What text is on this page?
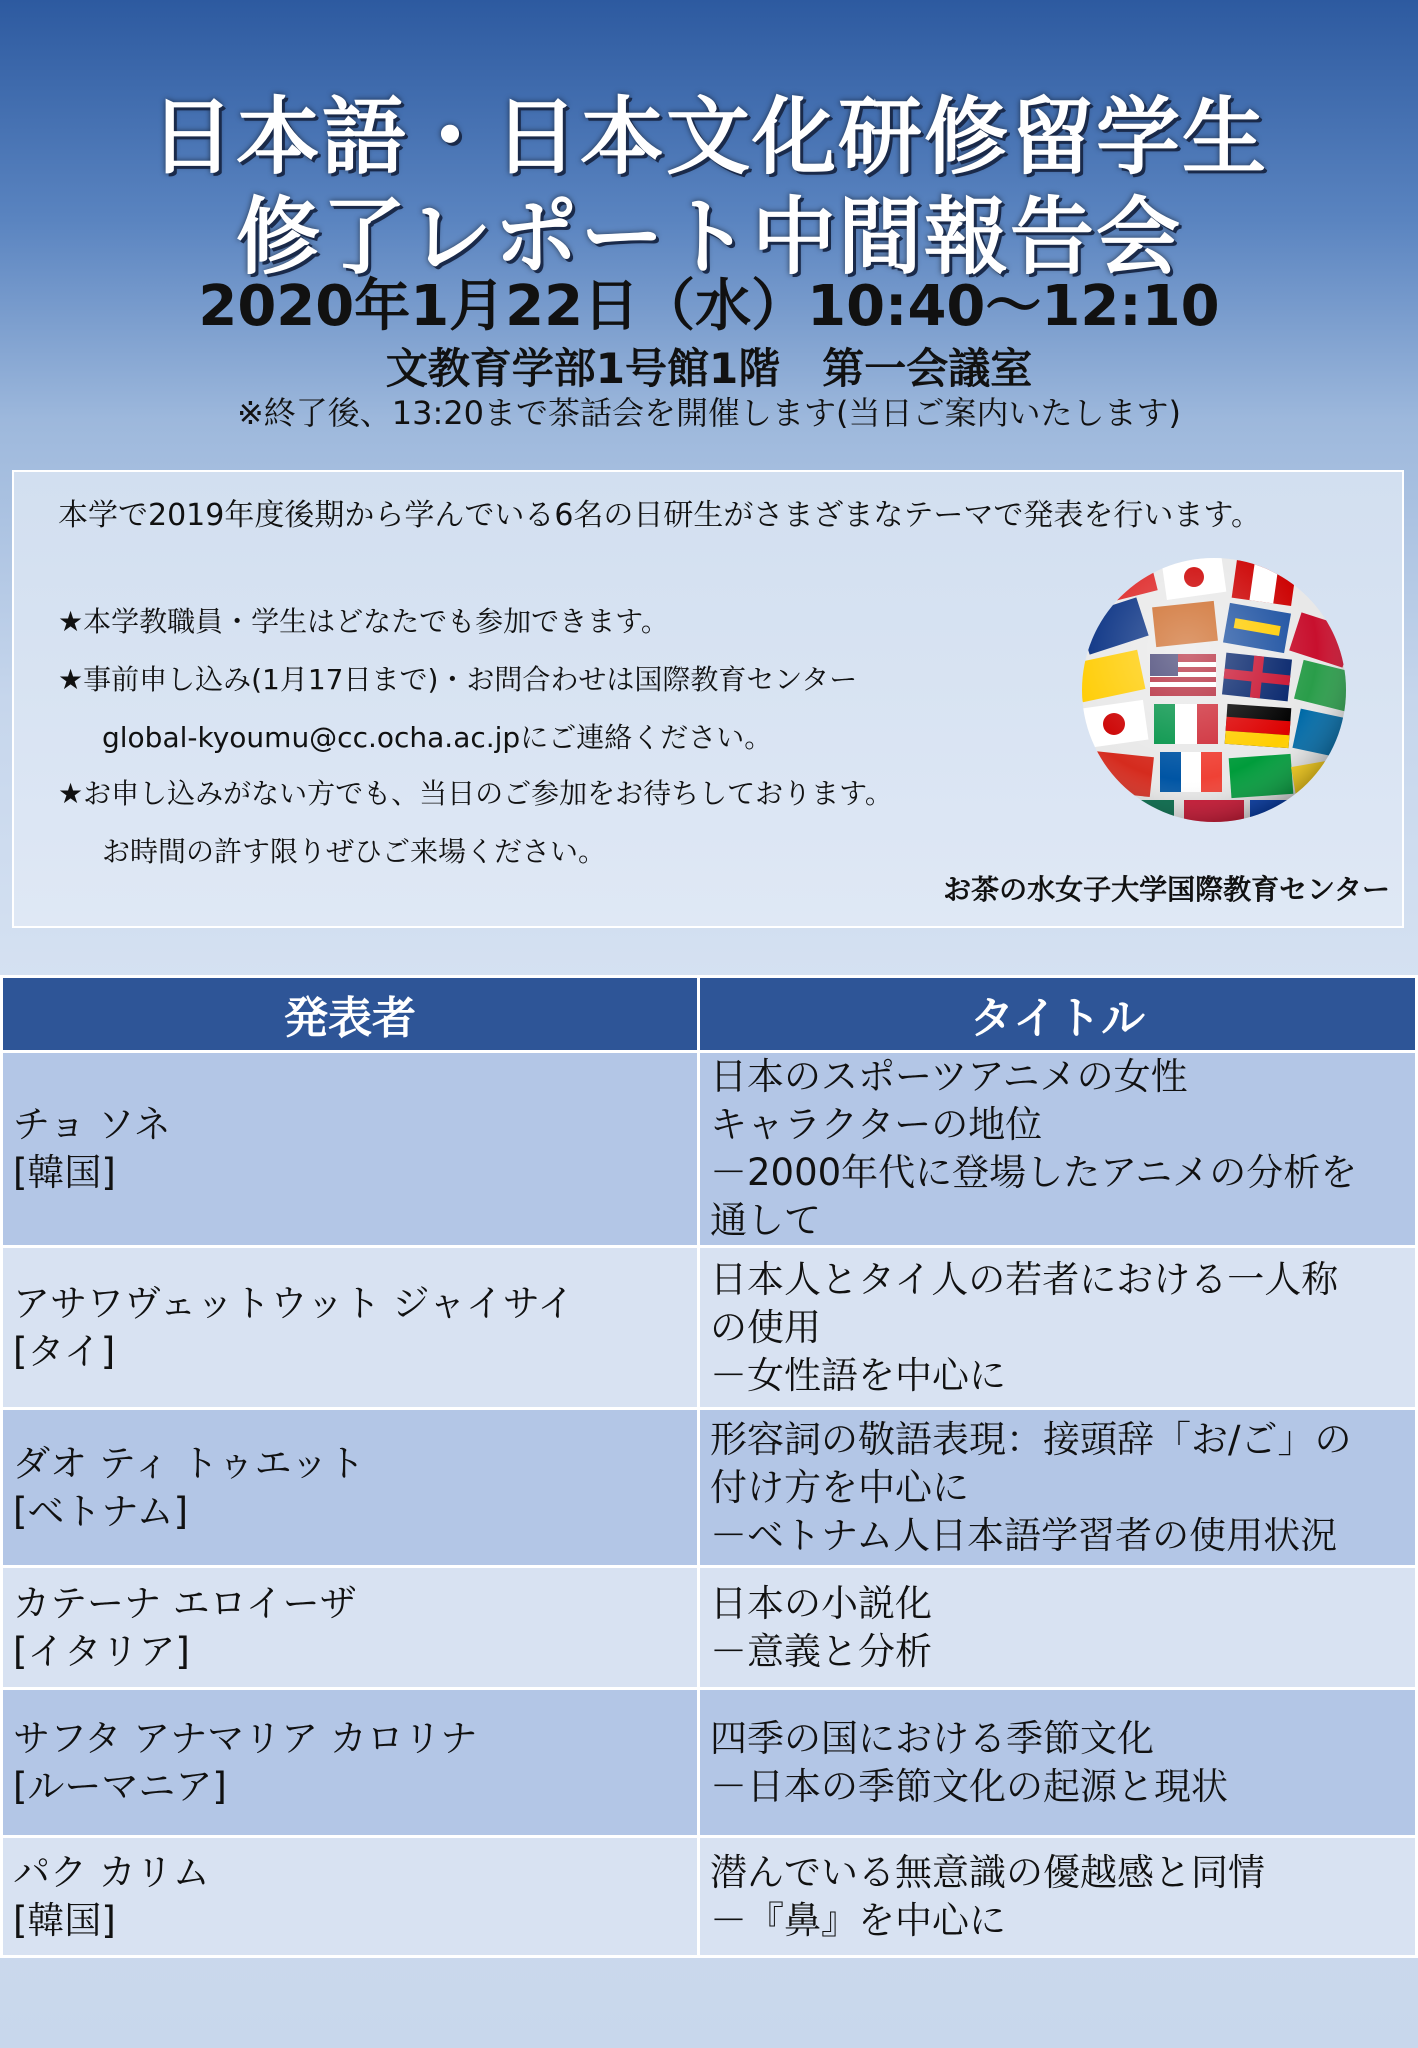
日本語・日本文化研修留学生
修了レポート中間報告会
2020年1月22日（水）10:40～12:10
文教育学部1号館1階　第一会議室
※終了後、13:20まで茶話会を開催します(当日ご案内いたします)
本学で2019年度後期から学んでいる6名の日研生がさまざまなテーマで発表を行います。
★本学教職員・学生はどなたでも参加できます。
★事前申し込み(1月17日まで)・お問合わせは国際教育センター
global-kyoumu@cc.ocha.ac.jpにご連絡ください。
★お申し込みがない方でも、当日のご参加をお待ちしております。
お時間の許す限りぜひご来場ください。
お茶の水女子大学国際教育センター
発表者	タイトル

チョ ソネ
[韓国]	日本のスポーツアニメの女性
キャラクターの地位
－2000年代に登場したアニメの分析を
通して

アサワヴェットウット ジャイサイ
[タイ]	日本人とタイ人の若者における一人称
の使用
－女性語を中心に

ダオ ティ トゥエット
[ベトナム]	形容詞の敬語表現：接頭辞「お/ご」の
付け方を中心に
－ベトナム人日本語学習者の使用状況

カテーナ エロイーザ
[イタリア]	日本の小説化
－意義と分析

サフタ アナマリア カロリナ
[ルーマニア]	四季の国における季節文化
－日本の季節文化の起源と現状

パク カリム
[韓国]	潜んでいる無意識の優越感と同情
－『鼻』を中心に
